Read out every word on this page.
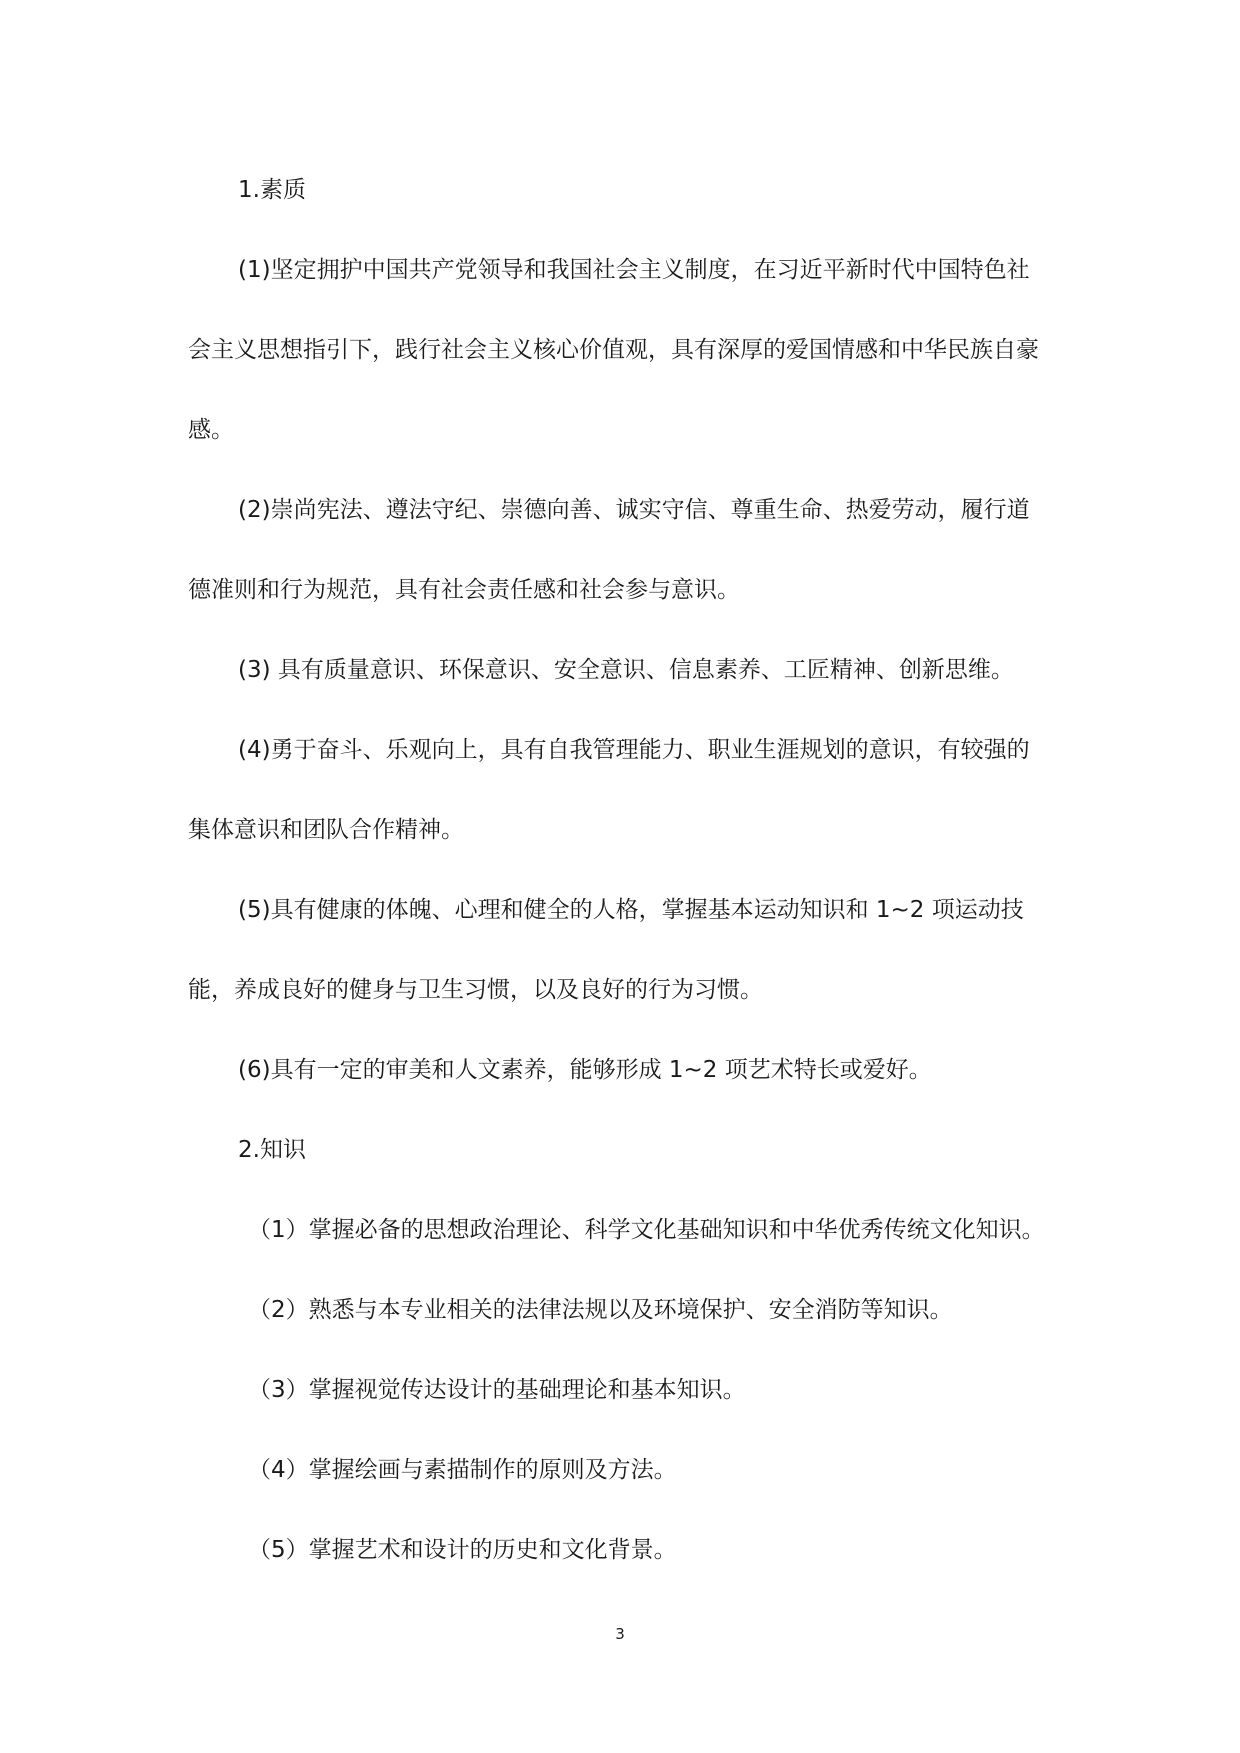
1.素质

(1)坚定拥护中国共产党领导和我国社会主义制度，在习近平新时代中国特色社会主义思想指引下，践行社会主义核心价值观，具有深厚的爱国情感和中华民族自豪感。

(2)崇尚宪法、遵法守纪、崇德向善、诚实守信、尊重生命、热爱劳动，履行道德准则和行为规范，具有社会责任感和社会参与意识。

(3) 具有质量意识、环保意识、安全意识、信息素养、工匠精神、创新思维。

(4)勇于奋斗、乐观向上，具有自我管理能力、职业生涯规划的意识，有较强的集体意识和团队合作精神。

(5)具有健康的体魄、心理和健全的人格，掌握基本运动知识和 1~2 项运动技能，养成良好的健身与卫生习惯，以及良好的行为习惯。

(6)具有一定的审美和人文素养，能够形成 1~2 项艺术特长或爱好。

2.知识

（1）掌握必备的思想政治理论、科学文化基础知识和中华优秀传统文化知识。

（2）熟悉与本专业相关的法律法规以及环境保护、安全消防等知识。

（3）掌握视觉传达设计的基础理论和基本知识。

（4）掌握绘画与素描制作的原则及方法。

（5）掌握艺术和设计的历史和文化背景。

3
